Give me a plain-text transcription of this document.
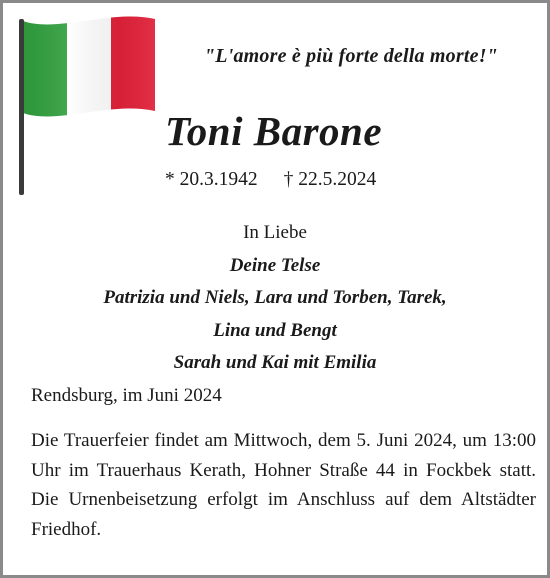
"L'amore è più forte della morte!"
Toni Barone
* 20.3.1942 † 22.5.2024
In Liebe
Deine Telse
Patrizia und Niels, Lara und Torben, Tarek,
Lina und Bengt
Sarah und Kai mit Emilia
Rendsburg, im Juni 2024
Die Trauerfeier findet am Mittwoch, dem 5. Juni 2024, um 13:00 Uhr im Trauerhaus Kerath, Hohner Straße 44 in Fockbek statt. Die Urnenbeisetzung erfolgt im Anschluss auf dem Altstädter Friedhof.
